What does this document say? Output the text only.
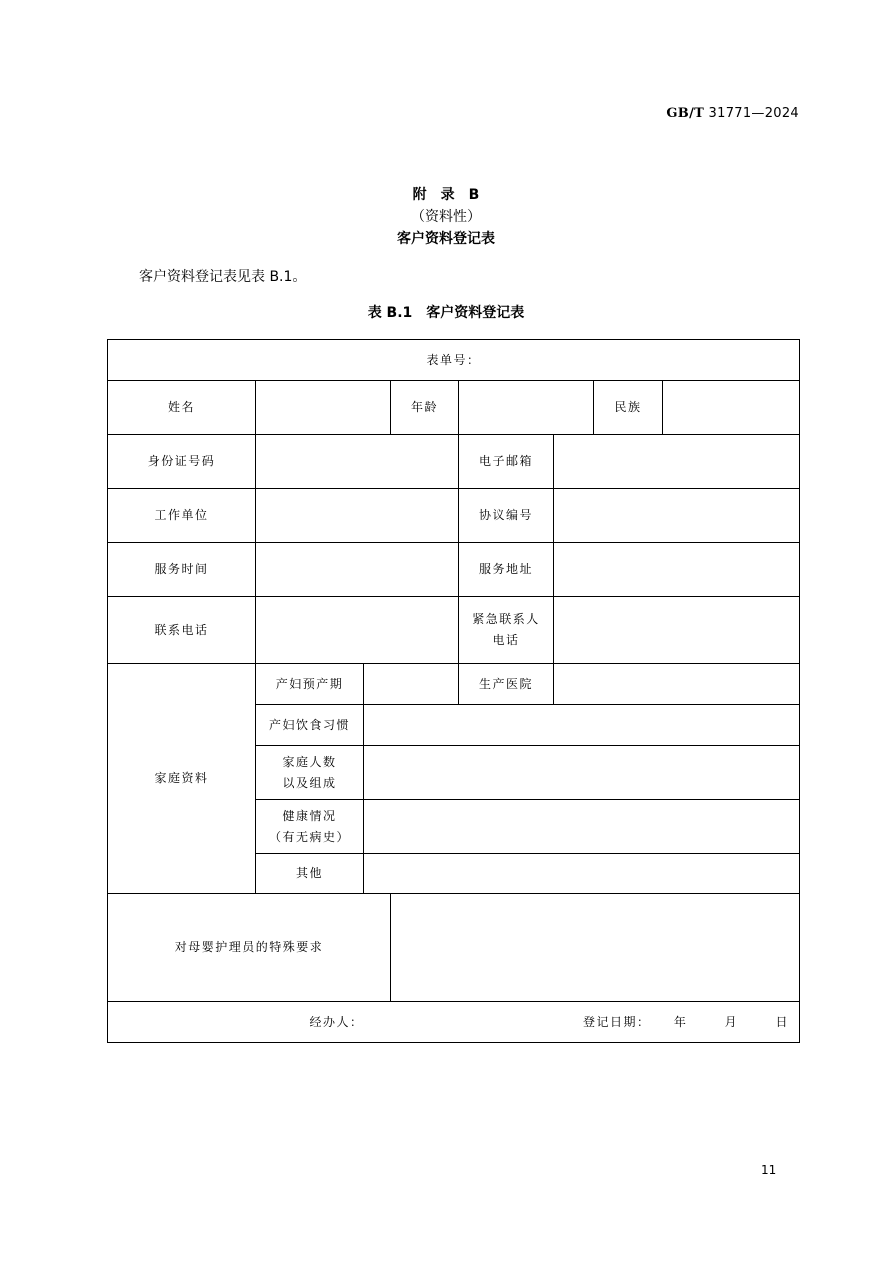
GB/T 31771—2024
附　录　B
（资料性）
客户资料登记表
客户资料登记表见表 B.1。
表 B.1　客户资料登记表
表单号：							
姓名			年龄			民族	
身份证号码				电子邮箱			
工作单位				协议编号			
服务时间				服务地址			
联系电话				紧急联系人
电话			

家庭资料	产妇预产期			生产医院			
	产妇饮食习惯						

	家庭人数
以及组成						

	健康情况
（有无病史）						

	其他						
对母婴护理员的特殊要求							
经办人： 登记日期： 年 月 日							
11
